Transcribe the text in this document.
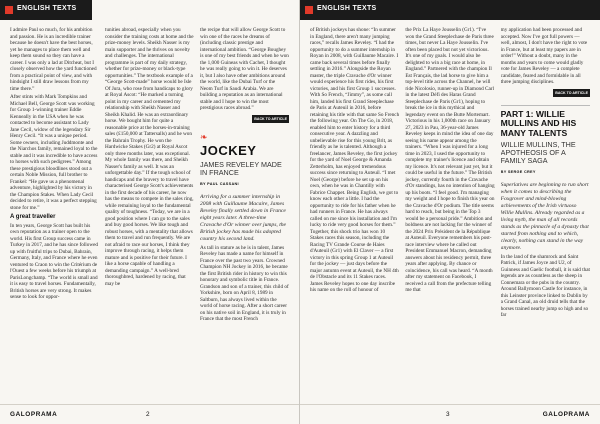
ENGLISH TEXTS

I admire Paul so much, for his ambition and passion. He is an incredible trainer because he doesn't have the best horses, yet he manages to place them well and keep them sound so they can have a career. I was only a lad at Ditcheat, but I closely observed how the yard functioned from a practical point of view, and with hindsight I still draw lessons from my time there.”

After stints with Mark Tompkins and Michael Bell, George Scott was working for Group 1-winning trainer Eddie Kenneally in the USA when he was contacted to become assistant to Lady Jane Cecil, widow of the legendary Sir Henry Cecil. “It was a unique period. Some owners, including Juddmonte and the Niarchos family, remained loyal to the stable and it was incredible to have access to horses with such pedigrees.” Among these prestigious bloodlines stood out a certain Noble Mission, full brother to Frankel: “He gave us a phenomenal adventure, highlighted by his victory in the Champion Stakes. When Lady Cecil decided to retire, it was a perfect stepping stone for me.”

A great traveller

In ten years, George Scott has built his own reputation as a trainer open to the world. His first Group success came in Turkey in 2017, and he has since followed up with fruitful trips to Dubai, Bahrain, Germany, Italy, and France where he even ventured to Craon to win the Critérium de l'Ouest a few weeks before his triumph at ParisLongchamp. “The world is small and it is easy to travel horses. Fundamentally, British horses are very strong. It makes sense to look for oppor-

tunities abroad, especially when you consider the training costs at home and the prize-money levels. Sheikh Nasser is my main supporter and he thrives on novelty and challenges. The international programme is part of my daily strategy, whether for prize-money or black-type opportunities.” The textbook example of a “George Scott-made” horse would be Isle Of Jura, who rose from handicaps to glory at Royal Ascot: “He marked a turning point in my career and cemented my relationship with Sheikh Nasser and Sheikh Khalid. He was an extraordinary horse. We bought him for quite a reasonable price at the horses-in-training sales (£150,000 at Tattersalls) and he won the Bahrain Trophy. He won the Hardwicke Stakes (Gr2) at Royal Ascot only three months later, was exceptional. My whole family was there, and Sheikh Nasser's family as well. It was an unforgettable day.” If the tough school of handicaps and the bravery to travel have characterised George Scott's achievements in the first decade of his career, he now has the means to compete in the sales ring, while remaining loyal to the fundamental quality of toughness. “Today, we are in a good position where I can go to the sales and buy good horses. We like tough and robust horses, with a mentality that allows them to travel and run frequently. We are not afraid to race our horses, I think they improve through racing, it helps them mature and is positive for their future. I like a horse capable of handling a demanding campaign.” A well-bred thoroughbred, hardened by racing, that may be

the recipe that will allow George Scott to win one of the races he dreams of (including classic prestige and international ambition. “George Boughey is one of my best friends and when he won the 1,000 Guineas with Cachet, I thought he was really going to win it. He deserves it, but I also have other ambitions around the world, like the Dubai Turf or the Neom Turf in Saudi Arabia. We are building a reputation as an international stable and I hope to win the most prestigious races abroad.”

BACK TO ARTICLE
❧
JOCKEY
JAMES REVELEY MADE IN FRANCE
BY PAUL CASSANI

Arriving for a summer internship in 2008 with Guillaume Macaire, James Reveley finally settled down in France eight years later. A three-time Cravache d'Or winner over jumps, the British jockey has made his adopted country his second land.

As tall in stature as he is in talent, James Reveley has made a name for himself in France over the past two years. Crowned Champion NH Jockey in 2016, he became the first British rider in history to win this honorary and symbolic title in France. Grandson and son of a trainer, this child of Yorkshire, born on April 8, 1989 in Saltburn, has always lived within the world of horse racing. After a short career on his native soil in England, it is truly in France that the most French

GALOPRAMA	2
ENGLISH TEXTS

of British jockeys has shone: “In summer in England, there aren't many jumping races,” recalls James Reveley. “I had the opportunity to do a summer internship in Royan in 2008, with Guillaume Macaire. I came back several times before finally settling in 2016.” Alongside the Royan master, the triple Cravache d'Or winner would experience his first rides, his first victories, and his first Group 1 successes. With So French, “Jimmy”, as some call him, landed his first Grand Steeplechase de Paris at Auteuil in 2016, before retaining his title with that same So French the following year. On The Go, in 2018, enabled him to enter history for a third consecutive year. A dazzling and unbelievable rise for this young Brit, as friendly as he is talented. Although a freelancer, James Reveley, the first jockey for the yard of Noel George & Amanda Zetterholm, has enjoyed tremendous success since returning to Auteuil. “I met Noel (George) before he set up on his own, when he was in Chantilly with Fabrice Chappet. Being English, we got to know each other a little. I had the opportunity to ride for his father when he had runners in France. He has always called on me since his installation and I'm lucky to ride very good horses for them.” Together, this shock trio has won 10 Stakes races this season, including the Racing TV Grande Course de Haies d'Auteuil (Gr1) with El Claver — a first victory in this spring Group 1 at Auteuil for the jockey — just days before the major autumn event at Auteuil, the NH 4th de l'Obstacle and its 11 Stakes races. James Reveley hopes to one day inscribe his name on the roll of honour of

the Prix La Haye Jousselin (Gr1). “I've won the Grand Steeplechase de Paris three times, but never La Haye Jousselin. I've often been placed but not yet victorious. It's one of my goals. I would also be delighted to win a big race at home, in England.” Partnered with the champion Il Est Français, the lad horse to give him a top-level title across the Channel, he will ride Nicolosio, runner-up in Diamond Carl in the latest Défi des Haras Grand Steeplechase de Paris (Gr1), hoping to break the ice in this mythical and legendary event on the Butte Mortemart. Victorious in his 1,000th race on January 27, 2023 in Pau, 36-year-old James Reveley keeps in mind the idea of one day seeing his name appear among the trainers. “When I was injured for a long time in 2023, I used the opportunity to complete my trainer's licence and obtain my licence. It's not relevant just yet, but it could be useful in the future.” The British jockey, currently fourth in the Cravache d'Or standings, has no intention of hanging up his boots. “I feel good. I'm managing my weight and I hope to finish this year on the Cravache d'Or podium. The title seems hard to reach, but being in the Top 3 would be a personal pride.” Ambition and boldness are not lacking for the winner of the 2024 Prix Président de la République at Auteuil. Everyone remembers his post-race interview where he called out President Emmanuel Macron, demanding answers about his residency permit, three years after applying. By chance or coincidence, his call was heard. “A month after my statement on Facebook, I received a call from the prefecture telling me that

my application had been processed and accepted. Now I've got full powers — well, almost, I don't have the right to vote in France, but at least my papers are in order!” Without a doubt, many in the months and years to come would gladly vote for James Reveley — a complete candidate, feared and formidable in all three jumping disciplines.

BACK TO ARTICLE
PART 1: WILLIE MULLINS AND HIS MANY TALENTS
WILLIE MULLINS, THE APOTHEOSIS OF A FAMILY SAGA
BY SERGE CREY

Superlatives are beginning to run short when it comes to describing the Foxgrover and mind-blowing achievements of the Irish virtuoso Willie Mullins. Already regarded as a living myth, the man of all records stands as the pinnacle of a dynasty that started from nothing and to which, clearly, nothing can stand in the way anymore.

In the land of the shamrock and Saint Patrick, if James Joyce and U2, of Guinness and Gaelic football, it is said that legends are as countless as the sheep in Connemara or the pubs in the country. Around Ballymoon Castle for instance, in this Leinster province linked to Dublin by a Grand Canal, an old druid tells that the horses trained nearby jump so high and so far

3	GALOPRAMA
